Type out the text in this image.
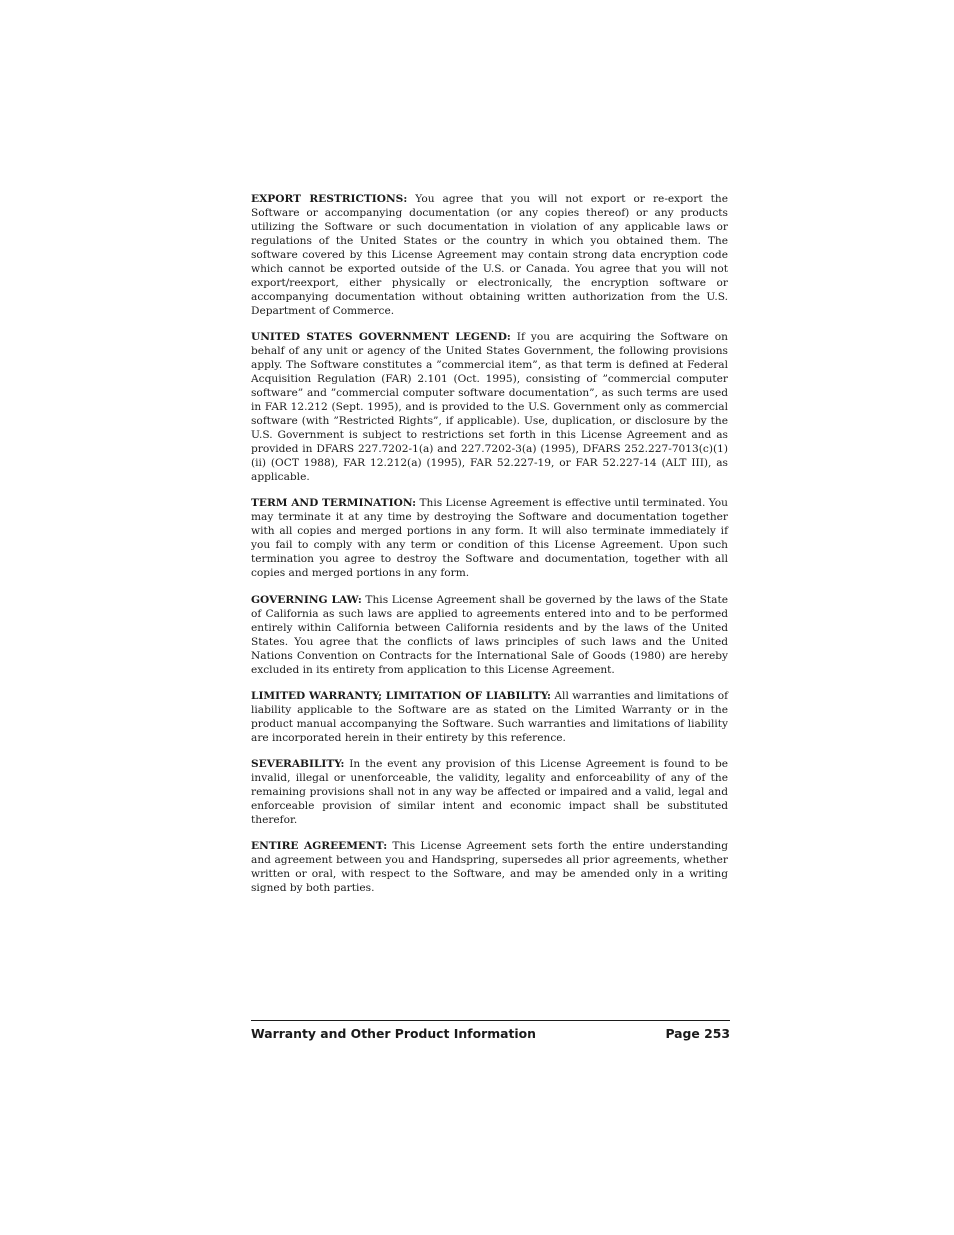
EXPORT RESTRICTIONS: You agree that you will not export or re-export the Software or accompanying documentation (or any copies thereof) or any products utilizing the Software or such documentation in violation of any applicable laws or regulations of the United States or the country in which you obtained them. The software covered by this License Agreement may contain strong data encryption code which cannot be exported outside of the U.S. or Canada. You agree that you will not export/reexport, either physically or electronically, the encryption software or accompanying documentation without obtaining written authorization from the U.S. Department of Commerce.

UNITED STATES GOVERNMENT LEGEND: If you are acquiring the Software on behalf of any unit or agency of the United States Government, the following provisions apply. The Software constitutes a ”commercial item”, as that term is defined at Federal Acquisition Regulation (FAR) 2.101 (Oct. 1995), consisting of ”commercial computer software” and ”commercial computer software documentation”, as such terms are used in FAR 12.212 (Sept. 1995), and is provided to the U.S. Government only as commercial software (with ”Restricted Rights”, if applicable). Use, duplication, or disclosure by the U.S. Government is subject to restrictions set forth in this License Agreement and as provided in DFARS 227.7202-1(a) and 227.7202-3(a) (1995), DFARS 252.227-7013(c)(1)(ii) (OCT 1988), FAR 12.212(a) (1995), FAR 52.227-19, or FAR 52.227-14 (ALT III), as applicable.

TERM AND TERMINATION: This License Agreement is effective until terminated. You may terminate it at any time by destroying the Software and documentation together with all copies and merged portions in any form. It will also terminate immediately if you fail to comply with any term or condition of this License Agreement. Upon such termination you agree to destroy the Software and documentation, together with all copies and merged portions in any form.

GOVERNING LAW: This License Agreement shall be governed by the laws of the State of California as such laws are applied to agreements entered into and to be performed entirely within California between California residents and by the laws of the United States. You agree that the conflicts of laws principles of such laws and the United Nations Convention on Contracts for the International Sale of Goods (1980) are hereby excluded in its entirety from application to this License Agreement.

LIMITED WARRANTY; LIMITATION OF LIABILITY: All warranties and limitations of liability applicable to the Software are as stated on the Limited Warranty or in the product manual accompanying the Software. Such warranties and limitations of liability are incorporated herein in their entirety by this reference.

SEVERABILITY: In the event any provision of this License Agreement is found to be invalid, illegal or unenforceable, the validity, legality and enforceability of any of the remaining provisions shall not in any way be affected or impaired and a valid, legal and enforceable provision of similar intent and economic impact shall be substituted therefor.

ENTIRE AGREEMENT: This License Agreement sets forth the entire understanding and agreement between you and Handspring, supersedes all prior agreements, whether written or oral, with respect to the Software, and may be amended only in a writing signed by both parties.

Warranty and Other Product Information	Page 253
